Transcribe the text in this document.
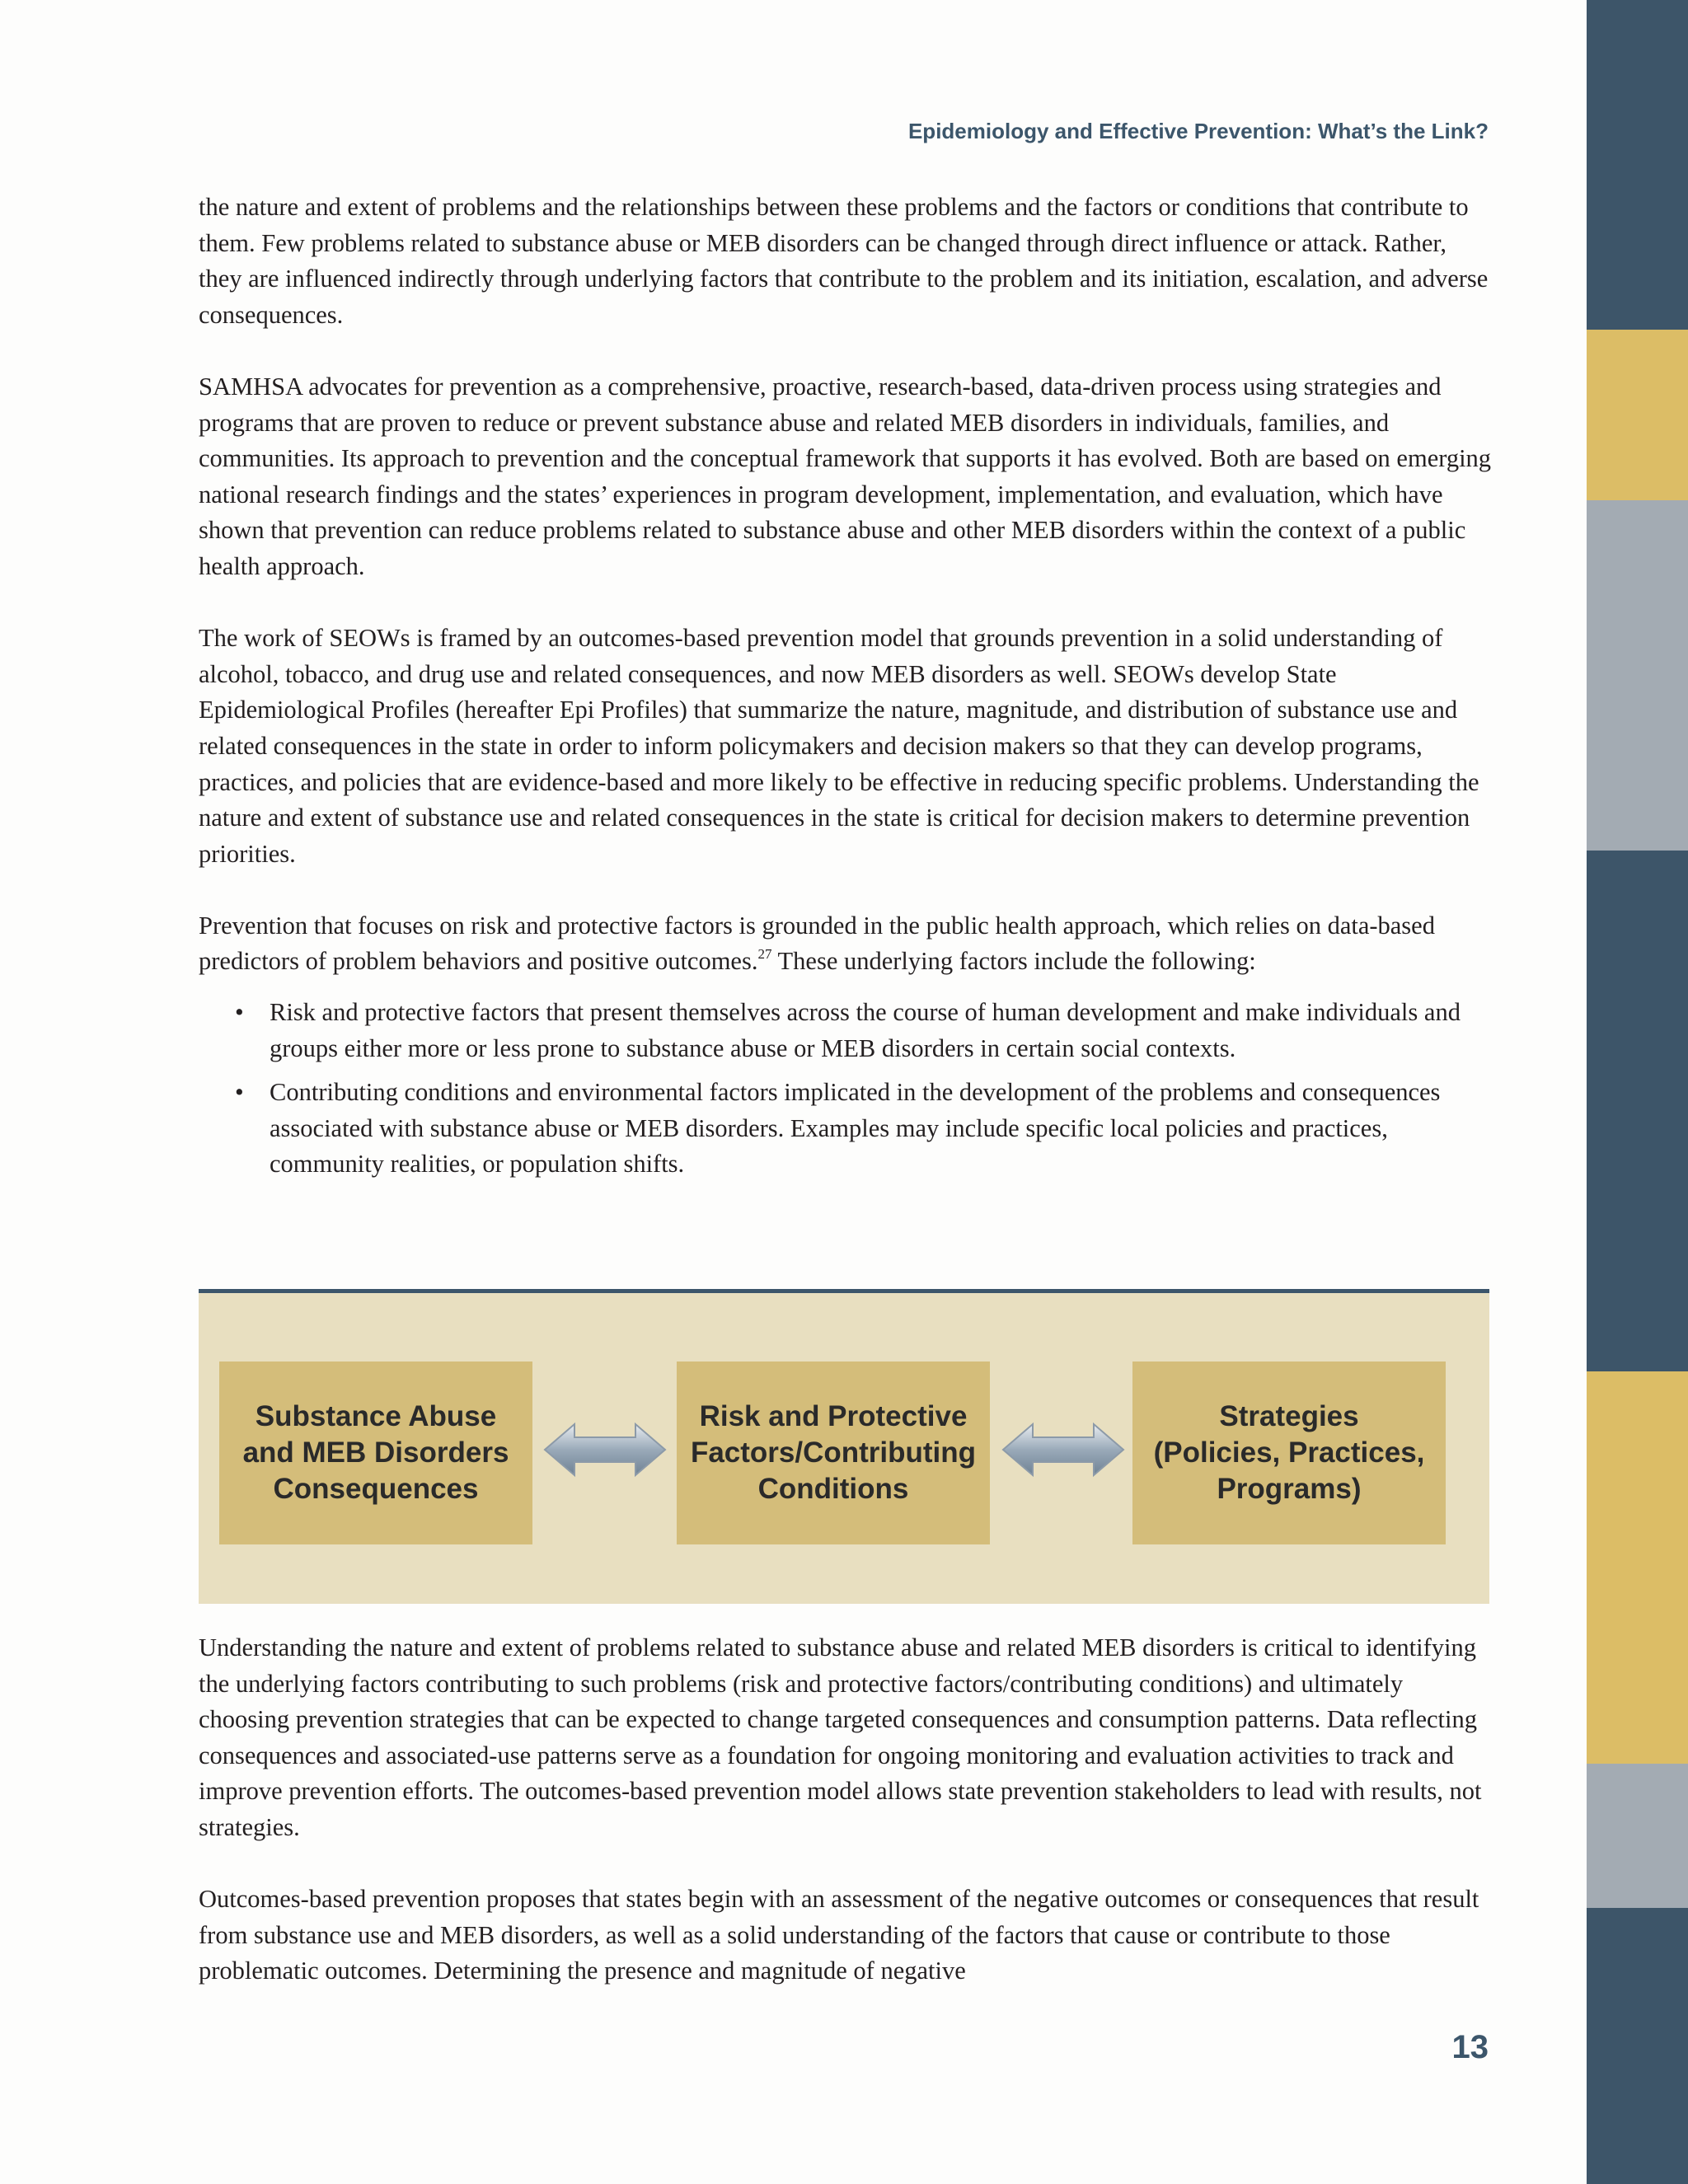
Epidemiology and Effective Prevention: What’s the Link?

the nature and extent of problems and the relationships between these problems and the factors or conditions that contribute to them. Few problems related to substance abuse or MEB disorders can be changed through direct influence or attack. Rather, they are influenced indirectly through underlying factors that contribute to the problem and its initiation, escalation, and adverse consequences.

SAMHSA advocates for prevention as a comprehensive, proactive, research-based, data-driven process using strategies and programs that are proven to reduce or prevent substance abuse and related MEB disorders in individuals, families, and communities. Its approach to prevention and the conceptual framework that supports it has evolved. Both are based on emerging national research findings and the states’ experiences in program development, implementation, and evaluation, which have shown that prevention can reduce problems related to substance abuse and other MEB disorders within the context of a public health approach.

The work of SEOWs is framed by an outcomes-based prevention model that grounds prevention in a solid understanding of alcohol, tobacco, and drug use and related consequences, and now MEB disorders as well. SEOWs develop State Epidemiological Profiles (hereafter Epi Profiles) that summarize the nature, magnitude, and distribution of substance use and related consequences in the state in order to inform policymakers and decision makers so that they can develop programs, practices, and policies that are evidence-based and more likely to be effective in reducing specific problems. Understanding the nature and extent of substance use and related consequences in the state is critical for decision makers to determine prevention priorities.

Prevention that focuses on risk and protective factors is grounded in the public health approach, which relies on data-based predictors of problem behaviors and positive outcomes.$^{27}$ These underlying factors include the following:

• Risk and protective factors that present themselves across the course of human development and make individuals and groups either more or less prone to substance abuse or MEB disorders in certain social contexts.
• Contributing conditions and environmental factors implicated in the development of the problems and consequences associated with substance abuse or MEB disorders. Examples may include specific local policies and practices, community realities, or population shifts.
Substance Abuse
and MEB Disorders
Consequences
Risk and Protective
Factors/Contributing
Conditions
Strategies
(Policies, Practices,
Programs)

Understanding the nature and extent of problems related to substance abuse and related MEB disorders is critical to identifying the underlying factors contributing to such problems (risk and protective factors/contributing conditions) and ultimately choosing prevention strategies that can be expected to change targeted consequences and consumption patterns. Data reflecting consequences and associated-use patterns serve as a foundation for ongoing monitoring and evaluation activities to track and improve prevention efforts. The outcomes-based prevention model allows state prevention stakeholders to lead with results, not strategies.

Outcomes-based prevention proposes that states begin with an assessment of the negative outcomes or consequences that result from substance use and MEB disorders, as well as a solid understanding of the factors that cause or contribute to those problematic outcomes. Determining the presence and magnitude of negative

13
